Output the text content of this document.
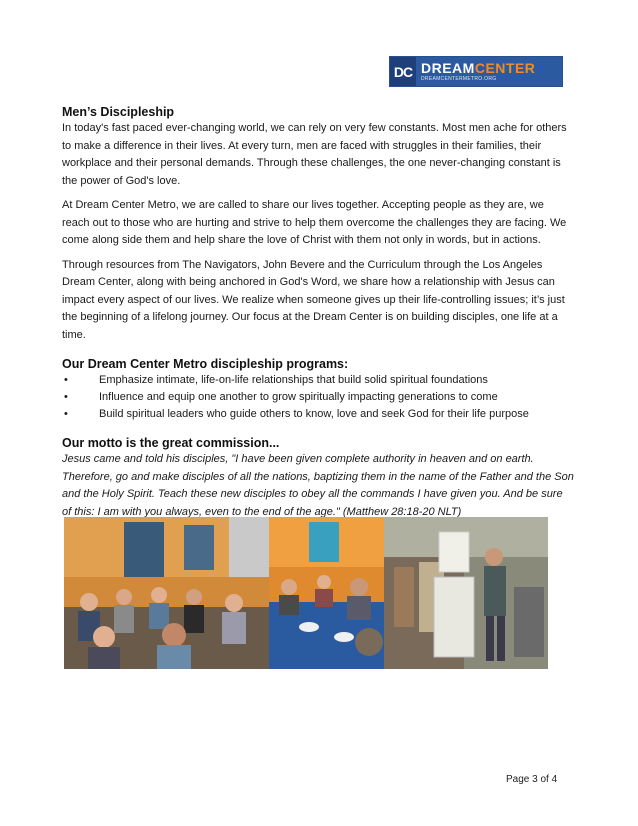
DC DREAMCENTER
DREAMCENTERMETRO.ORG
Men’s Discipleship

In today's fast paced ever-changing world, we can rely on very few constants. Most men ache for others to make a difference in their lives. At every turn, men are faced with struggles in their families, their workplace and their personal demands. Through these challenges, the one never-changing constant is the power of God's love.

At Dream Center Metro, we are called to share our lives together. Accepting people as they are, we reach out to those who are hurting and strive to help them overcome the challenges they are facing. We come along side them and help share the love of Christ with them not only in words, but in actions.

Through resources from The Navigators, John Bevere and the Curriculum through the Los Angeles Dream Center, along with being anchored in God's Word, we share how a relationship with Jesus can impact every aspect of our lives. We realize when someone gives up their life-controlling issues; it’s just the beginning of a lifelong journey. Our focus at the Dream Center is on building disciples, one life at a time.

Our Dream Center Metro discipleship programs:
• Emphasize intimate, life-on-life relationships that build solid spiritual foundations
• Influence and equip one another to grow spiritually impacting generations to come
• Build spiritual leaders who guide others to know, love and seek God for their life purpose
Our motto is the great commission...

Jesus came and told his disciples, "I have been given complete authority in heaven and on earth. Therefore, go and make disciples of all the nations, baptizing them in the name of the Father and the Son and the Holy Spirit. Teach these new disciples to obey all the commands I have given you. And be sure of this: I am with you always, even to the end of the age." (Matthew 28:18-20 NLT)

Page 3 of 4
